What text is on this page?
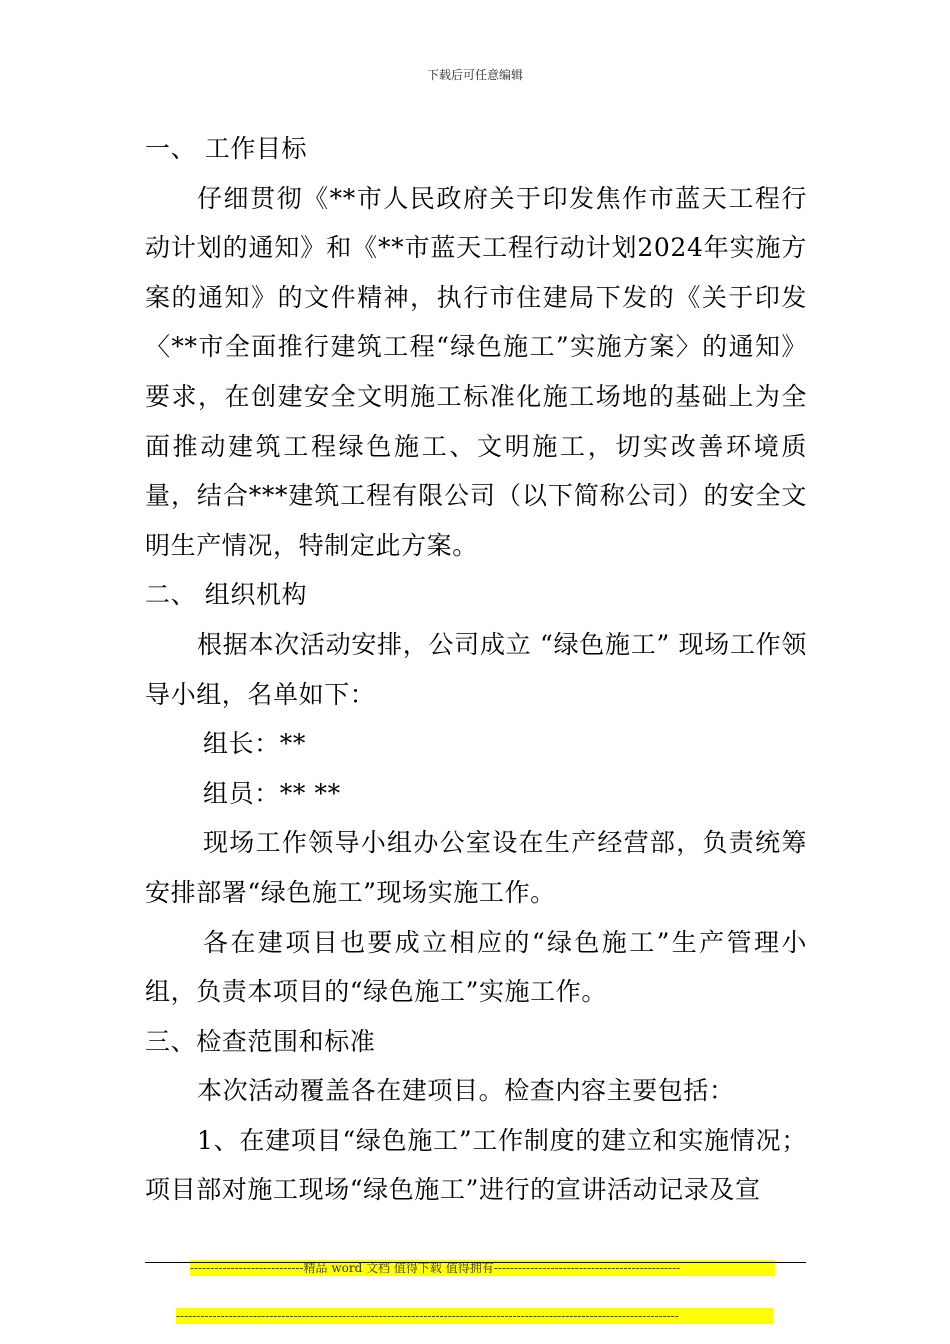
下载后可任意编辑

一、 工作目标

仔细贯彻《**市人民政府关于印发焦作市蓝天工程行动计划的通知》和《**市蓝天工程行动计划2024年实施方案的通知》的文件精神，执行市住建局下发的《关于印发〈**市全面推行建筑工程“绿色施工”实施方案〉的通知》要求，在创建安全文明施工标准化施工场地的基础上为全面推动建筑工程绿色施工、文明施工，切实改善环境质量，结合***建筑工程有限公司（以下简称公司）的安全文明生产情况，特制定此方案。

二、 组织机构

根据本次活动安排，公司成立 “绿色施工” 现场工作领导小组，名单如下：

组长：**

组员：** **

现场工作领导小组办公室设在生产经营部，负责统筹安排部署“绿色施工”现场实施工作。

各在建项目也要成立相应的“绿色施工”生产管理小组，负责本项目的“绿色施工”实施工作。

三、检查范围和标准

本次活动覆盖各在建项目。检查内容主要包括：

1、在建项目“绿色施工”工作制度的建立和实施情况；项目部对施工现场“绿色施工”进行的宣讲活动记录及宣

----------------------------精品 word 文档 值得下载 值得拥有----------------------------------------------

----------------------------------------------------------------------------------------------------------------------------
